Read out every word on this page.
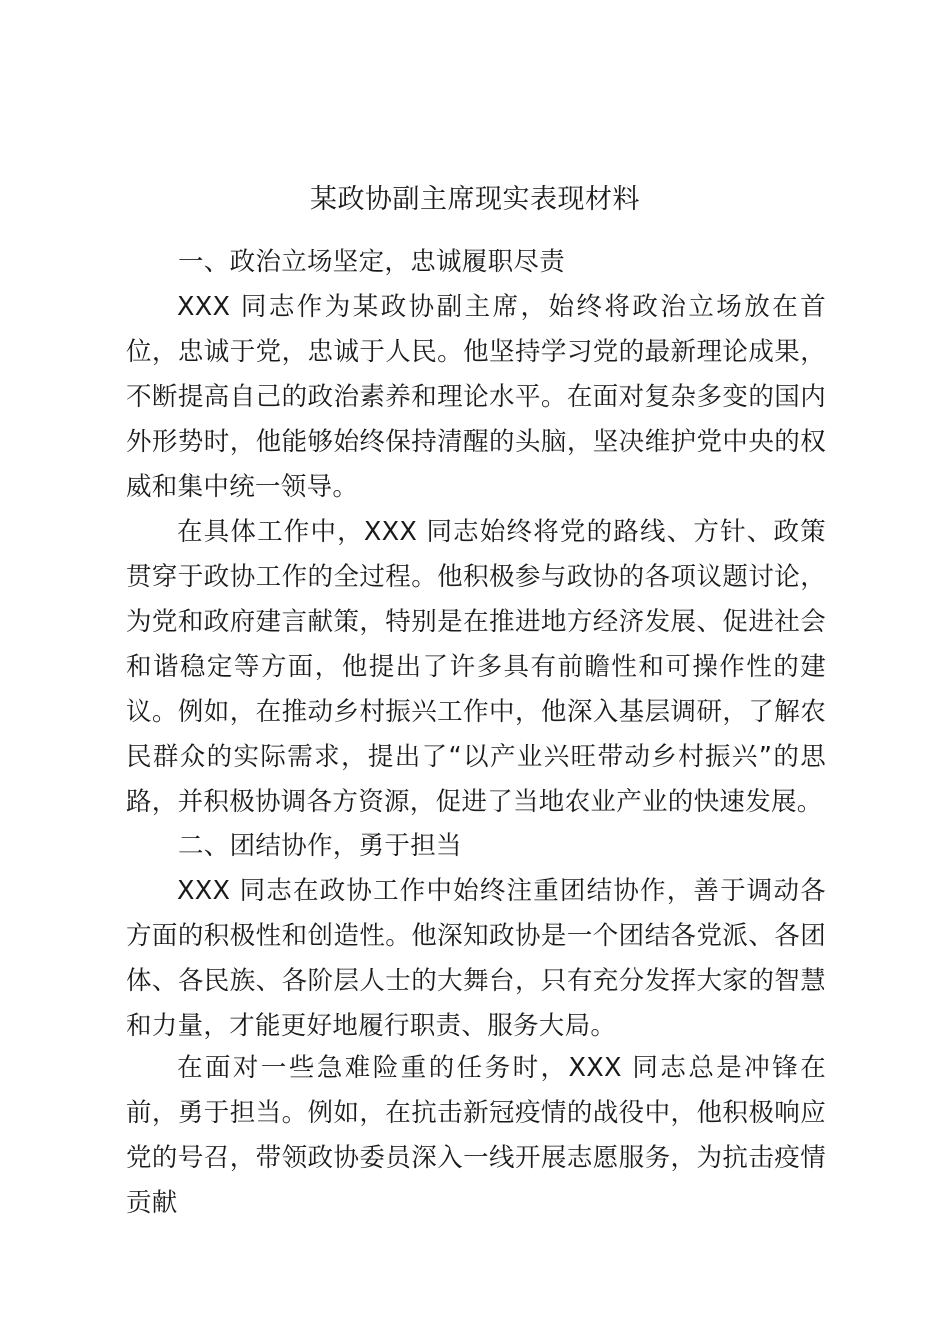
某政协副主席现实表现材料

一、政治立场坚定，忠诚履职尽责

XXX 同志作为某政协副主席，始终将政治立场放在首位，忠诚于党，忠诚于人民。他坚持学习党的最新理论成果，不断提高自己的政治素养和理论水平。在面对复杂多变的国内外形势时，他能够始终保持清醒的头脑，坚决维护党中央的权威和集中统一领导。

在具体工作中，XXX 同志始终将党的路线、方针、政策贯穿于政协工作的全过程。他积极参与政协的各项议题讨论，为党和政府建言献策，特别是在推进地方经济发展、促进社会和谐稳定等方面，他提出了许多具有前瞻性和可操作性的建议。例如，在推动乡村振兴工作中，他深入基层调研，了解农民群众的实际需求，提出了“以产业兴旺带动乡村振兴”的思路，并积极协调各方资源，促进了当地农业产业的快速发展。

二、团结协作，勇于担当

XXX 同志在政协工作中始终注重团结协作，善于调动各方面的积极性和创造性。他深知政协是一个团结各党派、各团体、各民族、各阶层人士的大舞台，只有充分发挥大家的智慧和力量，才能更好地履行职责、服务大局。

在面对一些急难险重的任务时，XXX 同志总是冲锋在前，勇于担当。例如，在抗击新冠疫情的战役中，他积极响应党的号召，带领政协委员深入一线开展志愿服务，为抗击疫情贡献
